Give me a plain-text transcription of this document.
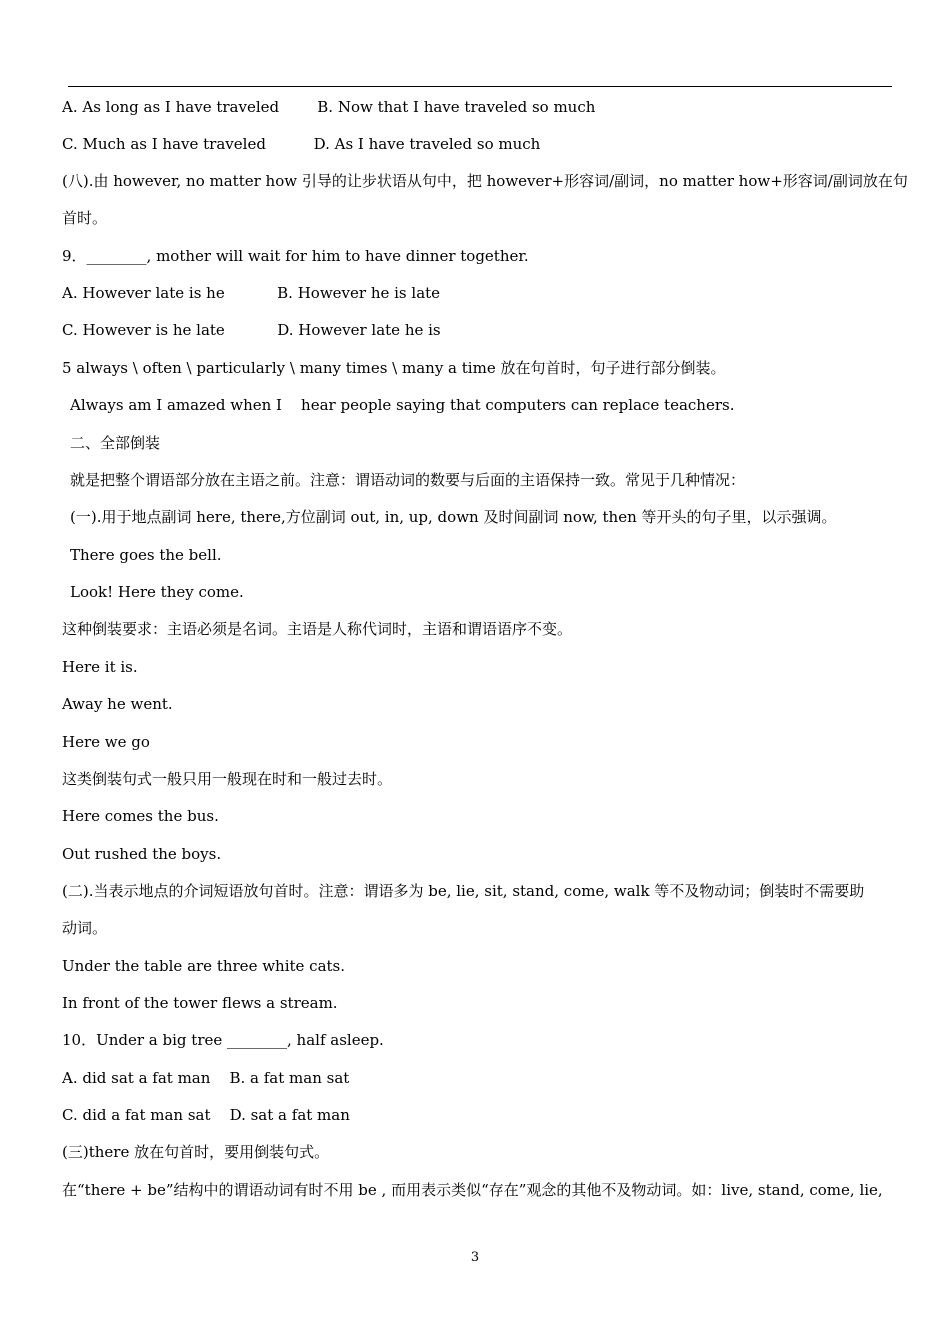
A. As long as I have traveled        B. Now that I have traveled so much
C. Much as I have traveled          D. As I have traveled so much
(八).由 however, no matter how 引导的让步状语从句中，把 however+形容词/副词，no matter how+形容词/副词放在句
首时。
9．________, mother will wait for him to have dinner together.
A. However late is he           B. However he is late
C. However is he late           D. However late he is
5 always \ often \ particularly \ many times \ many a time 放在句首时，句子进行部分倒装。
Always am I amazed when I    hear people saying that computers can replace teachers.
二、全部倒装
就是把整个谓语部分放在主语之前。注意：谓语动词的数要与后面的主语保持一致。常见于几种情况：
(一).用于地点副词 here, there,方位副词 out, in, up, down 及时间副词 now, then 等开头的句子里，以示强调。
There goes the bell.
Look! Here they come.
这种倒装要求：主语必须是名词。主语是人称代词时，主语和谓语语序不变。
Here it is.
Away he went.
Here we go
这类倒装句式一般只用一般现在时和一般过去时。
Here comes the bus.
Out rushed the boys.
(二).当表示地点的介词短语放句首时。注意：谓语多为 be, lie, sit, stand, come, walk 等不及物动词；倒装时不需要助
动词。
Under the table are three white cats.
In front of the tower flews a stream.
10．Under a big tree ________, half asleep.
A. did sat a fat man    B. a fat man sat
C. did a fat man sat    D. sat a fat man
(三)there 放在句首时，要用倒装句式。
在“there + be”结构中的谓语动词有时不用 be , 而用表示类似“存在”观念的其他不及物动词。如：live, stand, come, lie,
3
